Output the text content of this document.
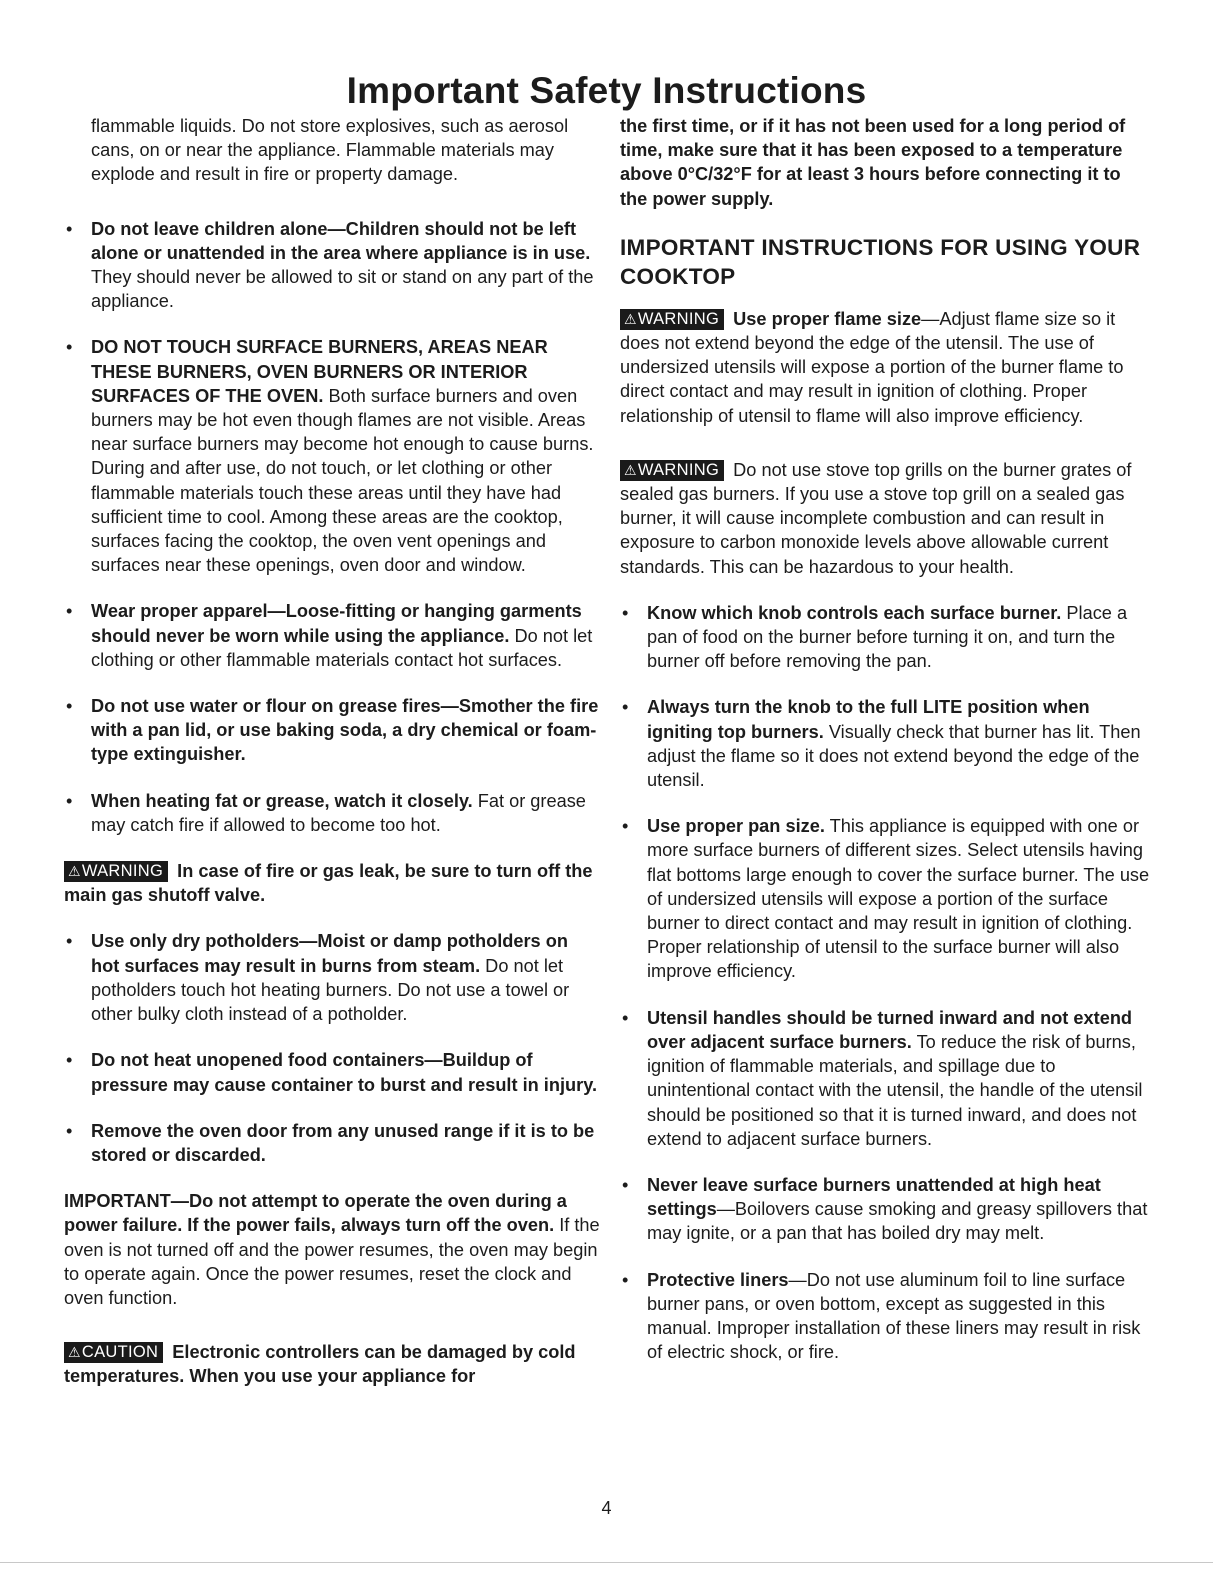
Important Safety Instructions

flammable liquids. Do not store explosives, such as aerosol cans, on or near the appliance. Flammable materials may explode and result in fire or property damage.

• Do not leave children alone—Children should not be left alone or unattended in the area where appliance is in use. They should never be allowed to sit or stand on any part of the appliance.

• DO NOT TOUCH SURFACE BURNERS, AREAS NEAR THESE BURNERS, OVEN BURNERS OR INTERIOR SURFACES OF THE OVEN. Both surface burners and oven burners may be hot even though flames are not visible. Areas near surface burners may become hot enough to cause burns. During and after use, do not touch, or let clothing or other flammable materials touch these areas until they have had sufficient time to cool. Among these areas are the cooktop, surfaces facing the cooktop, the oven vent openings and surfaces near these openings, oven door and window.

• Wear proper apparel—Loose-fitting or hanging garments should never be worn while using the appliance. Do not let clothing or other flammable materials contact hot surfaces.

• Do not use water or flour on grease fires—Smother the fire with a pan lid, or use baking soda, a dry chemical or foam-type extinguisher.

• When heating fat or grease, watch it closely. Fat or grease may catch fire if allowed to become too hot.

⚠WARNING In case of fire or gas leak, be sure to turn off the main gas shutoff valve.

• Use only dry potholders—Moist or damp potholders on hot surfaces may result in burns from steam. Do not let potholders touch hot heating burners. Do not use a towel or other bulky cloth instead of a potholder.

• Do not heat unopened food containers—Buildup of pressure may cause container to burst and result in injury.

• Remove the oven door from any unused range if it is to be stored or discarded.

IMPORTANT—Do not attempt to operate the oven during a power failure. If the power fails, always turn off the oven. If the oven is not turned off and the power resumes, the oven may begin to operate again. Once the power resumes, reset the clock and oven function.

⚠CAUTION Electronic controllers can be damaged by cold temperatures. When you use your appliance for

the first time, or if it has not been used for a long period of time, make sure that it has been exposed to a temperature above 0°C/32°F for at least 3 hours before connecting it to the power supply.

IMPORTANT INSTRUCTIONS FOR USING YOUR COOKTOP

⚠WARNING Use proper flame size—Adjust flame size so it does not extend beyond the edge of the utensil. The use of undersized utensils will expose a portion of the burner flame to direct contact and may result in ignition of clothing. Proper relationship of utensil to flame will also improve efficiency.

⚠WARNING Do not use stove top grills on the burner grates of sealed gas burners. If you use a stove top grill on a sealed gas burner, it will cause incomplete combustion and can result in exposure to carbon monoxide levels above allowable current standards. This can be hazardous to your health.

• Know which knob controls each surface burner. Place a pan of food on the burner before turning it on, and turn the burner off before removing the pan.

• Always turn the knob to the full LITE position when igniting top burners. Visually check that burner has lit. Then adjust the flame so it does not extend beyond the edge of the utensil.

• Use proper pan size. This appliance is equipped with one or more surface burners of different sizes. Select utensils having flat bottoms large enough to cover the surface burner. The use of undersized utensils will expose a portion of the surface burner to direct contact and may result in ignition of clothing. Proper relationship of utensil to the surface burner will also improve efficiency.

• Utensil handles should be turned inward and not extend over adjacent surface burners. To reduce the risk of burns, ignition of flammable materials, and spillage due to unintentional contact with the utensil, the handle of the utensil should be positioned so that it is turned inward, and does not extend to adjacent surface burners.

• Never leave surface burners unattended at high heat settings—Boilovers cause smoking and greasy spillovers that may ignite, or a pan that has boiled dry may melt.

• Protective liners—Do not use aluminum foil to line surface burner pans, or oven bottom, except as suggested in this manual. Improper installation of these liners may result in risk of electric shock, or fire.

4
